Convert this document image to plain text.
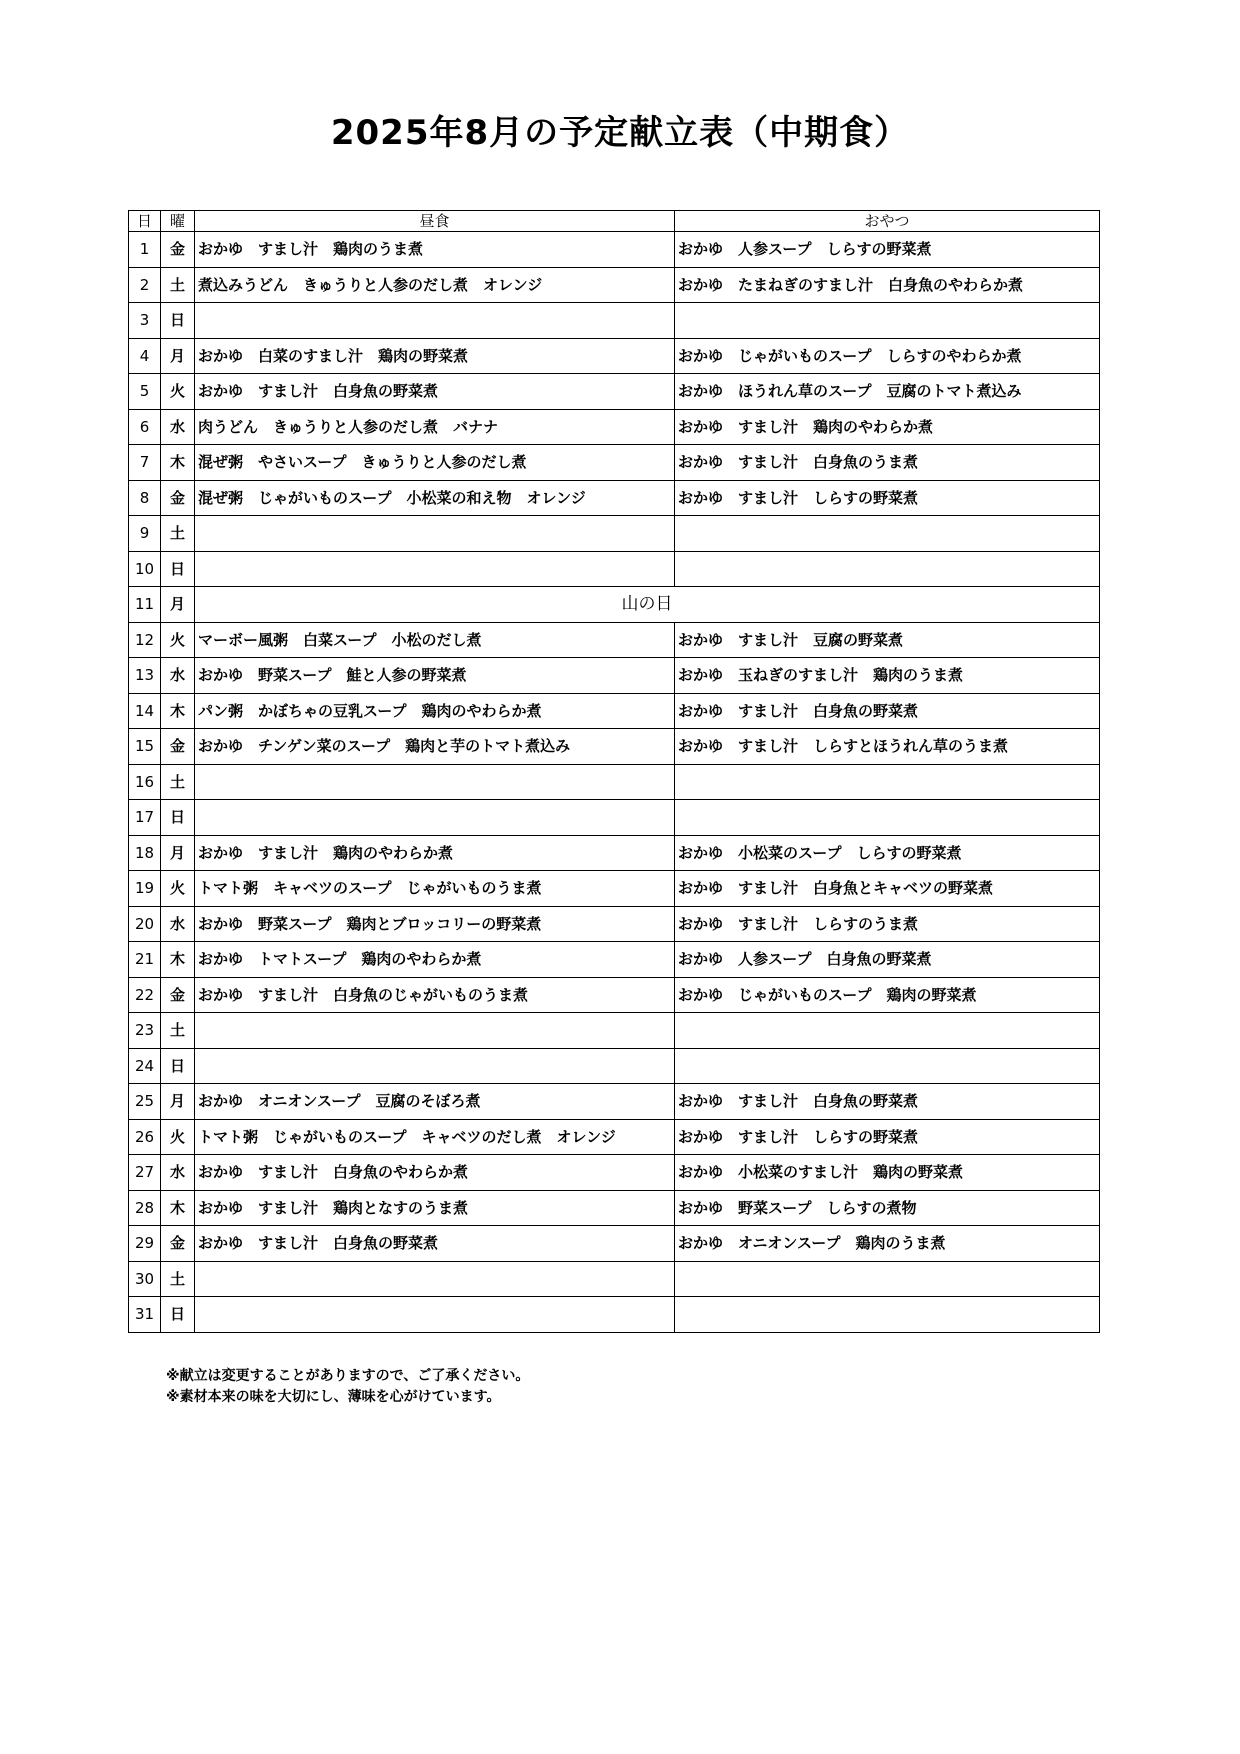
2025年8月の予定献立表（中期食）
日	曜	昼食	おやつ
1	金	おかゆ　すまし汁　鶏肉のうま煮	おかゆ　人参スープ　しらすの野菜煮
2	土	煮込みうどん　きゅうりと人参のだし煮　オレンジ	おかゆ　たまねぎのすまし汁　白身魚のやわらか煮
3	日		
4	月	おかゆ　白菜のすまし汁　鶏肉の野菜煮	おかゆ　じゃがいものスープ　しらすのやわらか煮
5	火	おかゆ　すまし汁　白身魚の野菜煮	おかゆ　ほうれん草のスープ　豆腐のトマト煮込み
6	水	肉うどん　きゅうりと人参のだし煮　バナナ	おかゆ　すまし汁　鶏肉のやわらか煮
7	木	混ぜ粥　やさいスープ　きゅうりと人参のだし煮	おかゆ　すまし汁　白身魚のうま煮
8	金	混ぜ粥　じゃがいものスープ　小松菜の和え物　オレンジ	おかゆ　すまし汁　しらすの野菜煮
9	土		
10	日		
11	月	山の日	
12	火	マーボー風粥　白菜スープ　小松のだし煮	おかゆ　すまし汁　豆腐の野菜煮
13	水	おかゆ　野菜スープ　鮭と人参の野菜煮	おかゆ　玉ねぎのすまし汁　鶏肉のうま煮
14	木	パン粥　かぼちゃの豆乳スープ　鶏肉のやわらか煮	おかゆ　すまし汁　白身魚の野菜煮
15	金	おかゆ　チンゲン菜のスープ　鶏肉と芋のトマト煮込み	おかゆ　すまし汁　しらすとほうれん草のうま煮
16	土		
17	日		
18	月	おかゆ　すまし汁　鶏肉のやわらか煮	おかゆ　小松菜のスープ　しらすの野菜煮
19	火	トマト粥　キャベツのスープ　じゃがいものうま煮	おかゆ　すまし汁　白身魚とキャベツの野菜煮
20	水	おかゆ　野菜スープ　鶏肉とブロッコリーの野菜煮	おかゆ　すまし汁　しらすのうま煮
21	木	おかゆ　トマトスープ　鶏肉のやわらか煮	おかゆ　人参スープ　白身魚の野菜煮
22	金	おかゆ　すまし汁　白身魚のじゃがいものうま煮	おかゆ　じゃがいものスープ　鶏肉の野菜煮
23	土		
24	日		
25	月	おかゆ　オニオンスープ　豆腐のそぼろ煮	おかゆ　すまし汁　白身魚の野菜煮
26	火	トマト粥　じゃがいものスープ　キャベツのだし煮　オレンジ	おかゆ　すまし汁　しらすの野菜煮
27	水	おかゆ　すまし汁　白身魚のやわらか煮	おかゆ　小松菜のすまし汁　鶏肉の野菜煮
28	木	おかゆ　すまし汁　鶏肉となすのうま煮	おかゆ　野菜スープ　しらすの煮物
29	金	おかゆ　すまし汁　白身魚の野菜煮	おかゆ　オニオンスープ　鶏肉のうま煮
30	土		
31	日		
※献立は変更することがありますので、ご了承ください。
※素材本来の味を大切にし、薄味を心がけています。
